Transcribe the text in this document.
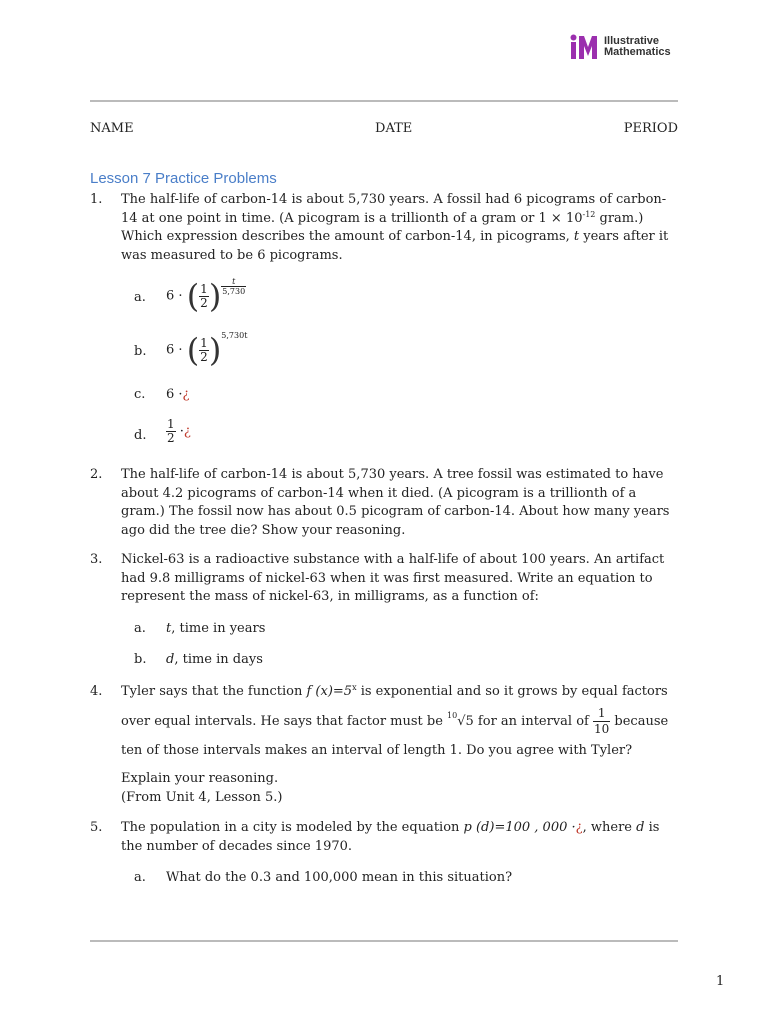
Illustrative
Mathematics
NAME	DATE	PERIOD
Lesson 7 Practice Problems
1. The half-life of carbon-14 is about 5,730 years. A fossil had 6 picograms of carbon-14 at one point in time. (A picogram is a trillionth of a gram or $1 \times 10^{-12}$ gram.) Which expression describes the amount of carbon-14, in picograms, t years after it was measured to be 6 picograms.
a. 6 · ( $\frac{1}{2}$ ) $\frac{t}{5,730}$
b. 6 · ( $\frac{1}{2} )^{5,730t}$
c. 6 ·¿
d. $\frac{1}{2}$ ·¿
2. The half-life of carbon-14 is about 5,730 years. A tree fossil was estimated to have about 4.2 picograms of carbon-14 when it died. (A picogram is a trillionth of a gram.) The fossil now has about 0.5 picogram of carbon-14. About how many years ago did the tree die? Show your reasoning.
3. Nickel-63 is a radioactive substance with a half-life of about 100 years. An artifact had 9.8 milligrams of nickel-63 when it was first measured. Write an equation to represent the mass of nickel-63, in milligrams, as a function of:
a. t, time in years
b. d, time in days
4. Tyler says that the function f $(x)=5^x$ is exponential and so it grows by equal factors over equal intervals. He says that factor must be $^{10}$√5 for an interval of $\frac{1}{10}$ because ten of those intervals makes an interval of length 1. Do you agree with Tyler? Explain your reasoning.
(From Unit 4, Lesson 5.)
5. The population in a city is modeled by the equation p (d)=100 , 000 ·¿, where d is the number of decades since 1970.
a. What do the 0.3 and 100,000 mean in this situation?
1
